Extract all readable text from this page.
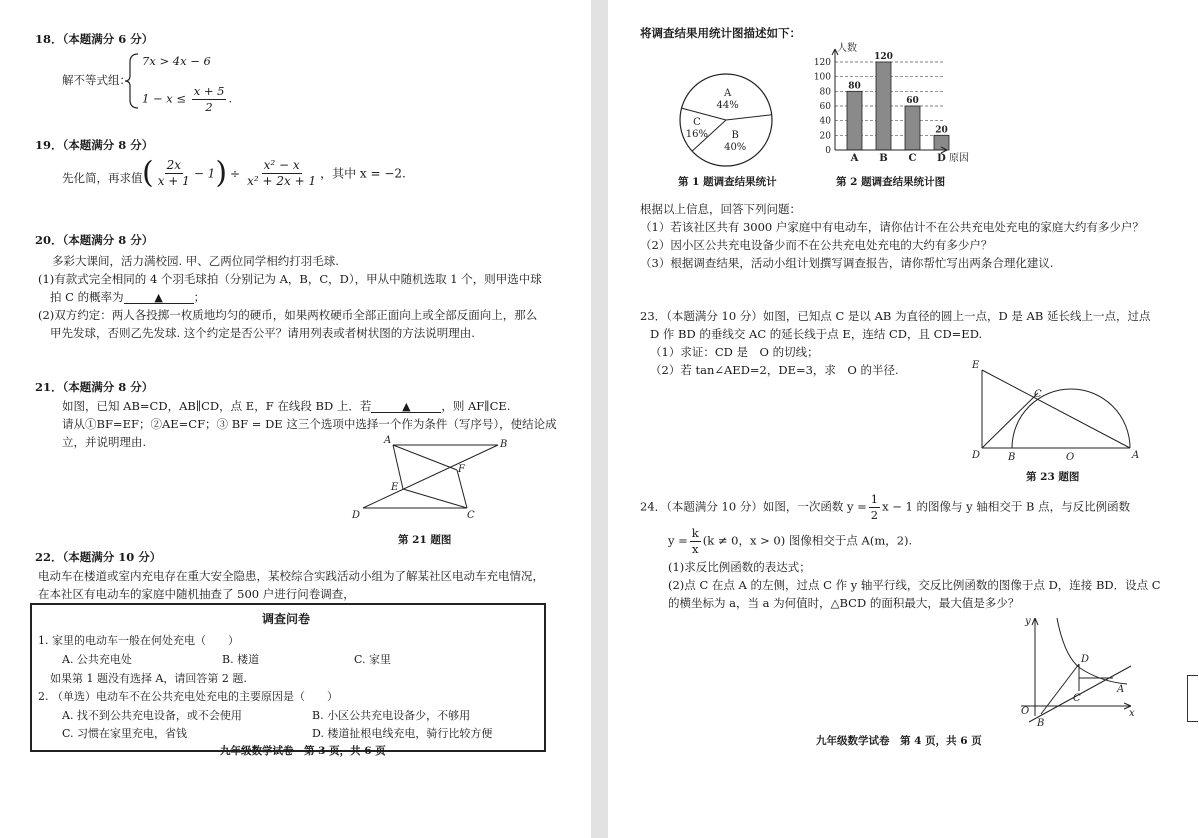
18．（本题满分 6 分）
解不等式组：
7x > 4x − 6
$1 - x \le \frac{x + 5}{2}$ .
19．（本题满分 8 分）
先化简，再求值 ( $\frac{2x}{x + 1} - 1) \div \frac{\text{x² − x}}{\text{x² + 2x + 1}}$ ，其中 x = −2.
20．（本题满分 8 分）
多彩大课间，活力满校园. 甲、乙两位同学相约打羽毛球.
(1)有款式完全相同的 4 个羽毛球拍（分别记为 A，B，C，D），甲从中随机选取 1 个，则甲选中球
拍 C 的概率为	▲	；
(2)双方约定：两人各投掷一枚质地均匀的硬币，如果两枚硬币全部正面向上或全部反面向上，那么
甲先发球，否则乙先发球. 这个约定是否公平？请用列表或者树状图的方法说明理由.
21．（本题满分 8 分）
如图，已知 AB=CD，AB∥CD，点 E，F 在线段 BD 上．若	▲	，则 AF∥CE.
请从①BF=EF；②AE=CF；③ BF = DE 这三个选项中选择一个作为条件（写序号），使结论成
立，并说明理由.	A	B
C
D
E
F
第 21 题图
22．（本题满分 10 分）
电动车在楼道或室内充电存在重大安全隐患，某校综合实践活动小组为了解某社区电动车充电情况，
在本社区有电动车的家庭中随机抽查了 500 户进行问卷调查，
调查问卷
1. 家里的电动车一般在何处充电（　　）
A. 公共充电处	B. 楼道	C. 家里
如果第 1 题没有选择 A，请回答第 2 题.
2. （单选）电动车不在公共充电处充电的主要原因是（　　）
A. 找不到公共充电设备，或不会使用	B. 小区公共充电设备少，不够用
C. 习惯在家里充电，省钱	D. 楼道扯根电线充电，骑行比较方便
九年级数学试卷　第 3 页，共 6 页
将调查结果用统计图描述如下：
A
44%
B
40%
C
16%
0
20
40
60
80
100
120
80
120
60
20
A B C D
人数
原因
第 1 题调查结果统计	第 2 题调查结果统计图
根据以上信息，回答下列问题：
（1）若该社区共有 3000 户家庭中有电动车，请你估计不在公共充电处充电的家庭大约有多少户？
（2）因小区公共充电设备少而不在公共充电处充电的大约有多少户？
（3）根据调查结果，活动小组计划撰写调查报告，请你帮忙写出两条合理化建议.
23．（本题满分 10 分）如图，已知点 C 是以 AB 为直径的圆上一点，D 是 AB 延长线上一点，过点
D 作 BD 的垂线交 AC 的延长线于点 E，连结 CD，且 CD=ED.
（1）求证：CD 是　O 的切线；
（2）若 tan∠AED=2，DE=3，求　O 的半径.	E
C
D	B	O	A
第 23 题图
24．（本题满分 10 分）如图，一次函数 $y = \frac{1}{2}$ x − 1 的图像与 y 轴相交于 B 点，与反比例函数
$y = \frac{k}{x} (k \ne 0$，x > 0) 图像相交于点 A(m，2).
(1)求反比例函数的表达式；
(2)点 C 在点 A 的左侧，过点 C 作 y 轴平行线，交反比例函数的图像于点 D，连接 BD．设点 C
的横坐标为 a，当 a 为何值时，△BCD 的面积最大，最大值是多少？
y
x
O
B
D
C
A
九年级数学试卷　第 4 页，共 6 页
